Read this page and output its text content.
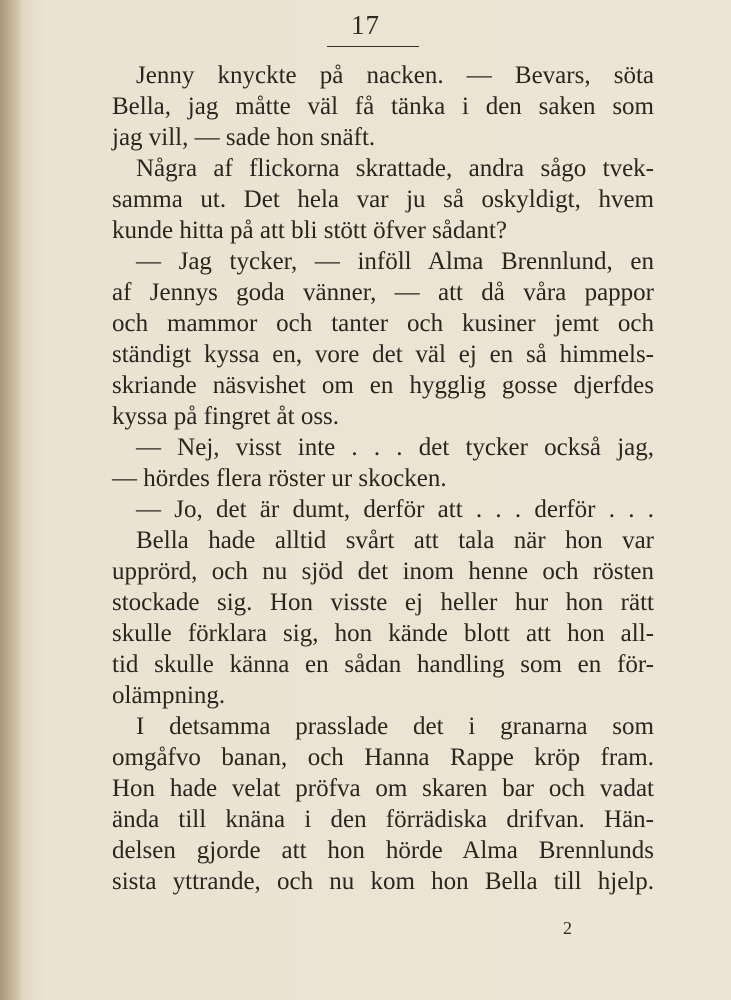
17
Jenny knyckte på nacken. — Bevars, söta
Bella, jag måtte väl få tänka i den saken som
jag vill, — sade hon snäft.
Några af flickorna skrattade, andra sågo tvek-
samma ut. Det hela var ju så oskyldigt, hvem
kunde hitta på att bli stött öfver sådant?
— Jag tycker, — inföll Alma Brennlund, en
af Jennys goda vänner, — att då våra pappor
och mammor och tanter och kusiner jemt och
ständigt kyssa en, vore det väl ej en så himmels-
skriande näsvishet om en hygglig gosse djerfdes
kyssa på fingret åt oss.
— Nej, visst inte . . . det tycker också jag,
— hördes flera röster ur skocken.
— Jo, det är dumt, derför att . . . derför . . .
Bella hade alltid svårt att tala när hon var
upprörd, och nu sjöd det inom henne och rösten
stockade sig. Hon visste ej heller hur hon rätt
skulle förklara sig, hon kände blott att hon all-
tid skulle känna en sådan handling som en för-
olämpning.
I detsamma prasslade det i granarna som
omgåfvo banan, och Hanna Rappe kröp fram.
Hon hade velat pröfva om skaren bar och vadat
ända till knäna i den förrädiska drifvan. Hän-
delsen gjorde att hon hörde Alma Brennlunds
sista yttrande, och nu kom hon Bella till hjelp.
2
